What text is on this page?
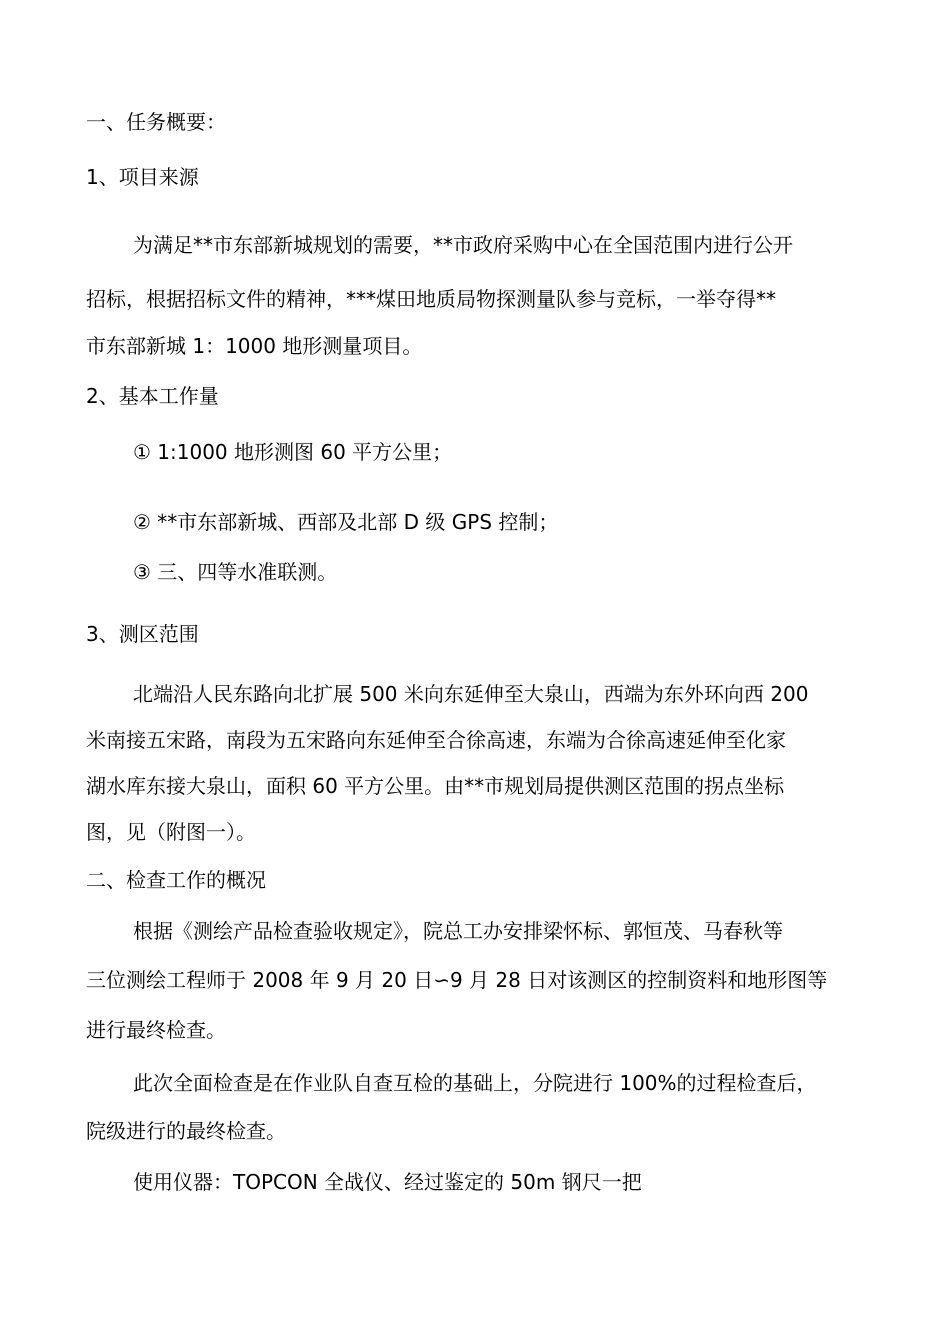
一、任务概要：
1、项目来源
为满足**市东部新城规划的需要，**市政府采购中心在全国范围内进行公开
招标，根据招标文件的精神，***煤田地质局物探测量队参与竞标，一举夺得**
市东部新城 1：1000 地形测量项目。
2、基本工作量
① 1:1000 地形测图 60 平方公里；
② **市东部新城、西部及北部 D 级 GPS 控制；
③ 三、四等水准联测。
3、测区范围
北端沿人民东路向北扩展 500 米向东延伸至大泉山，西端为东外环向西 200
米南接五宋路，南段为五宋路向东延伸至合徐高速，东端为合徐高速延伸至化家
湖水库东接大泉山，面积 60 平方公里。由**市规划局提供测区范围的拐点坐标
图，见（附图一）。
二、检查工作的概况
根据《测绘产品检查验收规定》，院总工办安排梁怀标、郭恒茂、马春秋等
三位测绘工程师于 2008 年 9 月 20 日∽9 月 28 日对该测区的控制资料和地形图等
进行最终检查。
此次全面检查是在作业队自查互检的基础上，分院进行 100%的过程检查后，
院级进行的最终检查。
使用仪器：TOPCON 全战仪、经过鉴定的 50m 钢尺一把
